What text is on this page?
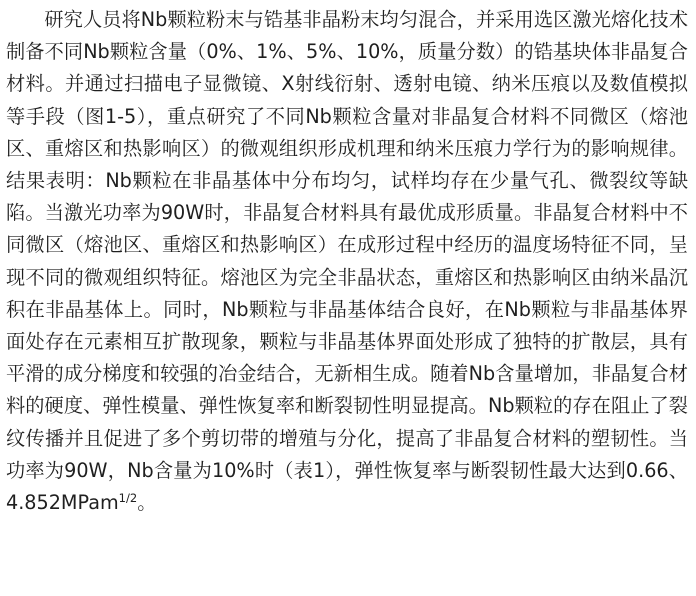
研究人员将Nb颗粒粉末与锆基非晶粉末均匀混合，并采用选区激光熔化技术制备不同Nb颗粒含量（0%、1%、5%、10%，质量分数）的锆基块体非晶复合材料。并通过扫描电子显微镜、X射线衍射、透射电镜、纳米压痕以及数值模拟等手段（图1-5），重点研究了不同Nb颗粒含量对非晶复合材料不同微区（熔池区、重熔区和热影响区）的微观组织形成机理和纳米压痕力学行为的影响规律。结果表明：Nb颗粒在非晶基体中分布均匀，试样均存在少量气孔、微裂纹等缺陷。当激光功率为90W时，非晶复合材料具有最优成形质量。非晶复合材料中不同微区（熔池区、重熔区和热影响区）在成形过程中经历的温度场特征不同，呈现不同的微观组织特征。熔池区为完全非晶状态，重熔区和热影响区由纳米晶沉积在非晶基体上。同时，Nb颗粒与非晶基体结合良好，在Nb颗粒与非晶基体界面处存在元素相互扩散现象，颗粒与非晶基体界面处形成了独特的扩散层，具有平滑的成分梯度和较强的冶金结合，无新相生成。随着Nb含量增加，非晶复合材料的硬度、弹性模量、弹性恢复率和断裂韧性明显提高。Nb颗粒的存在阻止了裂纹传播并且促进了多个剪切带的增殖与分化，提高了非晶复合材料的塑韧性。当功率为90W，Nb含量为10%时（表1），弹性恢复率与断裂韧性最大达到0.66、4.852MPam$^{1/2}$。
